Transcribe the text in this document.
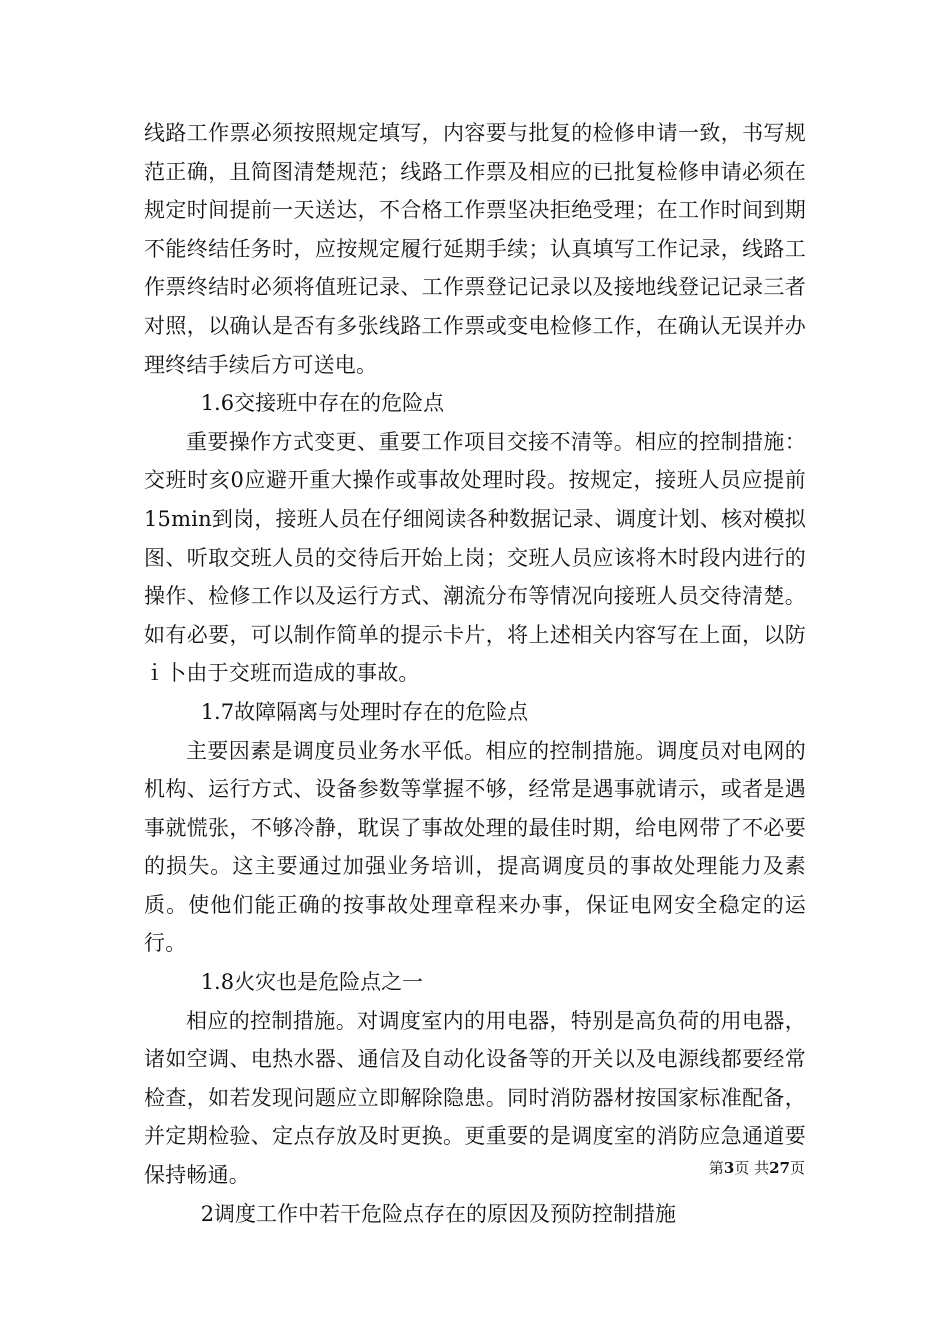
线路工作票必须按照规定填写，内容要与批复的检修申请一致，书写规范正确，且简图清楚规范；线路工作票及相应的已批复检修申请必须在规定时间提前一天送达，不合格工作票坚决拒绝受理；在工作时间到期不能终结任务时，应按规定履行延期手续；认真填写工作记录，线路工作票终结时必须将值班记录、工作票登记记录以及接地线登记记录三者对照，以确认是否有多张线路工作票或变电检修工作，在确认无误并办理终结手续后方可送电。

1.6交接班中存在的危险点

重要操作方式变更、重要工作项目交接不清等。相应的控制措施：交班时亥0应避开重大操作或事故处理时段。按规定，接班人员应提前15min到岗，接班人员在仔细阅读各种数据记录、调度计划、核对模拟图、听取交班人员的交待后开始上岗；交班人员应该将木时段内进行的操作、检修工作以及运行方式、潮流分布等情况向接班人员交待清楚。如有必要，可以制作简单的提示卡片，将上述相关内容写在上面，以防ｉ卜由于交班而造成的事故。

1.7故障隔离与处理时存在的危险点

主要因素是调度员业务水平低。相应的控制措施。调度员对电网的机构、运行方式、设备参数等掌握不够，经常是遇事就请示，或者是遇事就慌张，不够冷静，耽误了事故处理的最佳时期，给电网带了不必要的损失。这主要通过加强业务培训，提高调度员的事故处理能力及素质。使他们能正确的按事故处理章程来办事，保证电网安全稳定的运行。

1.8火灾也是危险点之一

相应的控制措施。对调度室内的用电器，特别是高负荷的用电器，诸如空调、电热水器、通信及自动化设备等的开关以及电源线都要经常检查，如若发现问题应立即解除隐患。同时消防器材按国家标准配备，并定期检验、定点存放及时更换。更重要的是调度室的消防应急通道要保持畅通。

2调度工作中若干危险点存在的原因及预防控制措施

第3页 共27页
